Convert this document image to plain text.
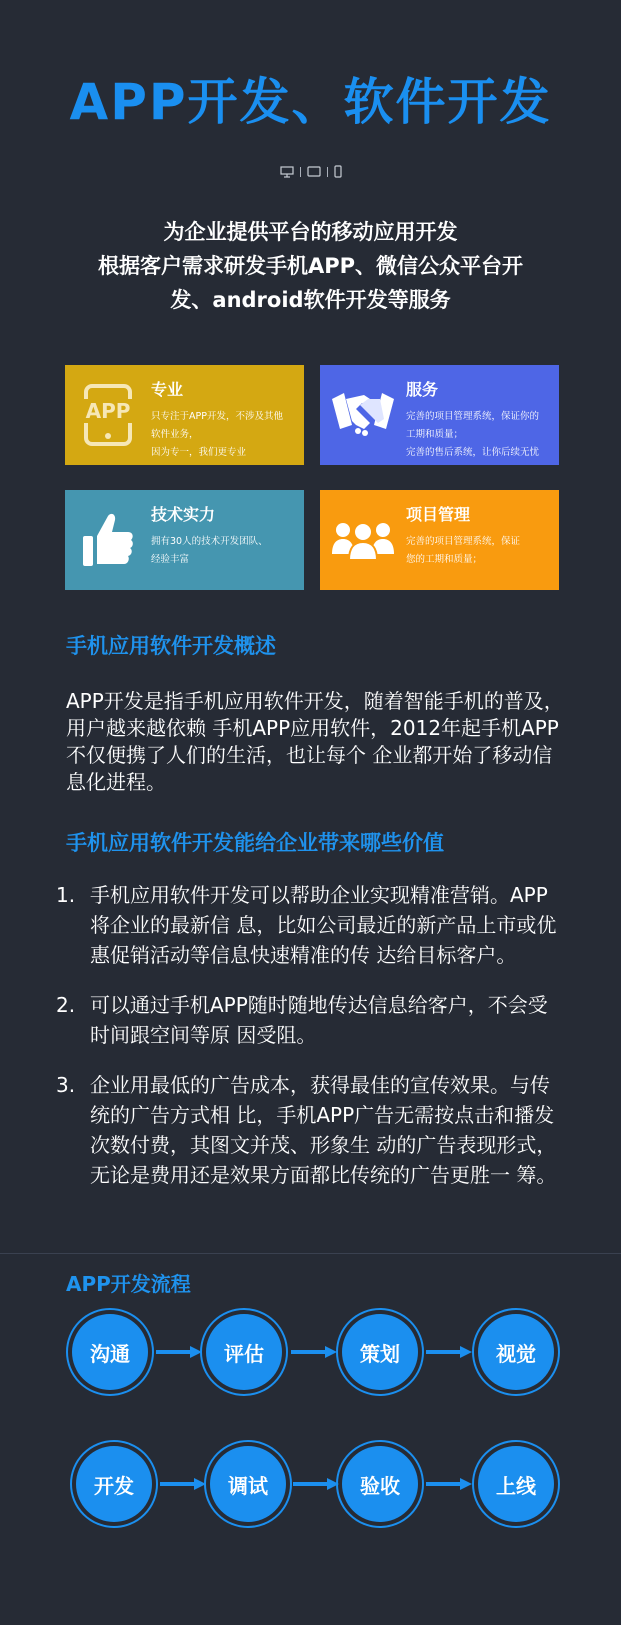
APP开发、软件开发
为企业提供平台的移动应用开发
根据客户需求研发手机APP、微信公众平台开
发、android软件开发等服务
APP
专业
只专注于APP开发，不涉及其他
软件业务，
因为专一，我们更专业
服务
完善的项目管理系统，保证你的
工期和质量；
完善的售后系统，让你后续无忧
技术实力
拥有30人的技术开发团队、
经验丰富
项目管理
完善的项目管理系统，保证
您的工期和质量；
手机应用软件开发概述

APP开发是指手机应用软件开发，随着智能手机的普及，用户越来越依赖 手机APP应用软件，2012年起手机APP不仅便携了人们的生活，也让每个 企业都开始了移动信息化进程。

手机应用软件开发能给企业带来哪些价值
1. 手机应用软件开发可以帮助企业实现精准营销。APP将企业的最新信 息，比如公司最近的新产品上市或优惠促销活动等信息快速精准的传 达给目标客户。
2. 可以通过手机APP随时随地传达信息给客户，不会受时间跟空间等原 因受阻。
3. 企业用最低的广告成本，获得最佳的宣传效果。与传统的广告方式相 比，手机APP广告无需按点击和播发次数付费，其图文并茂、形象生 动的广告表现形式，无论是费用还是效果方面都比传统的广告更胜一 筹。
APP开发流程
沟通	评估	策划	视觉
开发	调试	验收	上线
